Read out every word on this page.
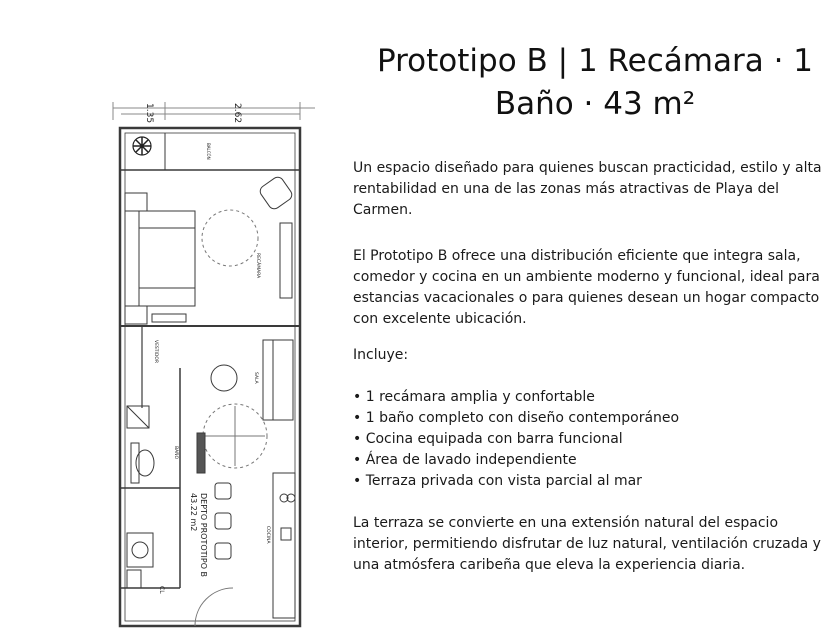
1.35	2.62
BALCÓN
RECÁMARA
VESTIDOR
SALA
BAÑO
COCINA
CL
DEPTO PROTOTIPO B
43.22 m2
Prototipo B | 1 Recámara · 1
Baño · 43 m²

Un espacio diseñado para quienes buscan practicidad, estilo y alta rentabilidad en una de las zonas más atractivas de Playa del Carmen.

El Prototipo B ofrece una distribución eficiente que integra sala, comedor y cocina en un ambiente moderno y funcional, ideal para estancias vacacionales o para quienes desean un hogar compacto con excelente ubicación.

Incluye:

• 1 recámara amplia y confortable
• 1 baño completo con diseño contemporáneo
• Cocina equipada con barra funcional
• Área de lavado independiente
• Terraza privada con vista parcial al mar

La terraza se convierte en una extensión natural del espacio interior, permitiendo disfrutar de luz natural, ventilación cruzada y una atmósfera caribeña que eleva la experiencia diaria.
